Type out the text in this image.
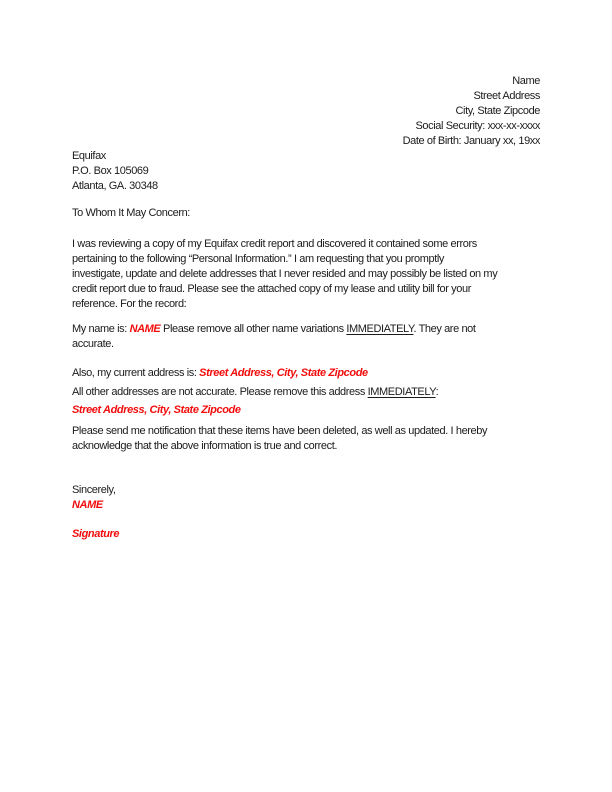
Name
Street Address
City, State Zipcode
Social Security: xxx-xx-xxxx
Date of Birth: January xx, 19xx
Equifax
P.O. Box 105069
Atlanta, GA. 30348
To Whom It May Concern:
I was reviewing a copy of my Equifax credit report and discovered it contained some errors
pertaining to the following “Personal Information.” I am requesting that you promptly
investigate, update and delete addresses that I never resided and may possibly be listed on my
credit report due to fraud. Please see the attached copy of my lease and utility bill for your
reference. For the record:
My name is: NAME Please remove all other name variations IMMEDIATELY. They are not
accurate.
Also, my current address is: Street Address, City, State Zipcode
All other addresses are not accurate. Please remove this address IMMEDIATELY:
Street Address, City, State Zipcode
Please send me notification that these items have been deleted, as well as updated. I hereby
acknowledge that the above information is true and correct.
Sincerely,
NAME
Signature
